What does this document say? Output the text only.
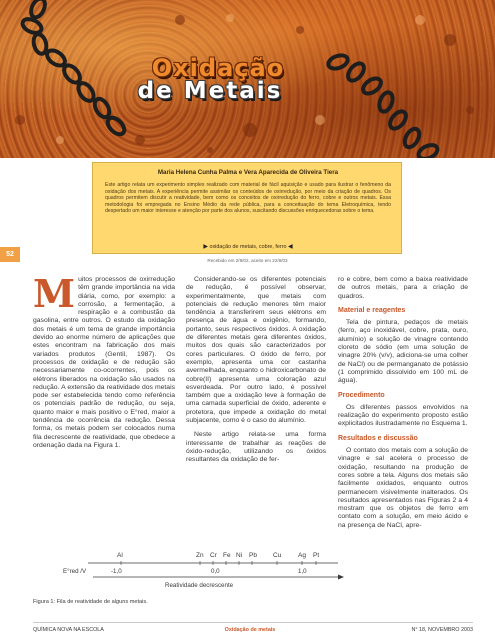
Oxidação
de Metais
Maria Helena Cunha Palma e Vera Aparecida de Oliveira Tiera
Este artigo relata um experimento simples realizado com material de fácil aquisição e usado para ilustrar o fenômeno da oxidação dos metais. A experiência permite assimilar os conteúdos de oxirredução, por meio da criação de quadros. Os quadros permitem discutir a reatividade, bem como os conceitos de oxirredução do ferro, cobre e outros metais. Essa metodologia foi empregada no Ensino Médio da rede pública, para a conceituação do tema Eletroquímica, tendo despertado um maior interesse e atenção por parte dos alunos, suscitando discussões enriquecedoras sobre o tema.
▶ oxidação de metais, cobre, ferro ◀
Recebido em 2/8/02, aceito em 22/8/03
52

M uitos processos de oxirredução têm grande importância na vida diária, como, por exemplo: a corrosão, a fermentação, a respiração e a combustão da gasolina, entre outros. O estudo da oxidação dos metais é um tema de grande importância devido ao enorme número de aplicações que estes encontram na fabricação dos mais variados produtos (Gentil, 1987). Os processos de oxidação e de redução são necessariamente co-ocorrentes, pois os elétrons liberados na oxidação são usados na redução. A extensão da reatividade dos metais pode ser estabelecida tendo como referência os potenciais padrão de redução, ou seja, quanto maior e mais positivo o E°red, maior a tendência de ocorrência da redução. Dessa forma, os metais podem ser colocados numa fila decrescente de reatividade, que obedece a ordenação dada na Figura 1.

Considerando-se os diferentes potenciais de redução, é possível observar, experimentalmente, que metais com potenciais de redução menores têm maior tendência a transferirem seus elétrons em presença de água e oxigênio, formando, portanto, seus respectivos óxidos. A oxidação de diferentes metais gera diferentes óxidos, muitos dos quais são caracterizados por cores particulares. O óxido de ferro, por exemplo, apresenta uma cor castanha avermelhada, enquanto o hidroxicarbonato de cobre(II) apresenta uma coloração azul esverdeada. Por outro lado, é possível também que a oxidação leve à formação de uma camada superficial de óxido, aderente e protetora, que impede a oxidação do metal subjacente, como é o caso do alumínio.

Neste artigo relata-se uma forma interessante de trabalhar as reações de óxido-redução, utilizando os óxidos resultantes da oxidação de fer-

ro e cobre, bem como a baixa reatividade de outros metais, para a criação de quadros.

Material e reagentes

Tela de pintura, pedaços de metais (ferro, aço inoxidável, cobre, prata, ouro, alumínio) e solução de vinagre contendo cloreto de sódio (em uma solução de vinagre 20% (v/v), adicionа-se uma colher de NaCl) ou de permanganato de potássio (1 comprimido dissolvido em 100 mL de água).

Procedimento

Os diferentes passos envolvidos na realização do experimento proposto estão explicitados ilustradamente no Esquema 1.

Resultados e discussão

O contato dos metais com a solução de vinagre e sal acelera o processo de oxidação, resultando na produção de cores sobre a tela. Alguns dos metais são facilmente oxidados, enquanto outros permanecem visivelmente inalterados. Os resultados apresentados nas Figuras 2 a 4 mostram que os objetos de ferro em contato com a solução, em meio ácido e na presença de NaCl, apre-

Al	Zn Cr Fe Ni Pb Cu	Ag Pt
E°red /V	-1,0	0,0	1,0
Reatividade decrescente
Figura 1: Fila de reatividade de alguns metais.
QUÍMICA NOVA NA ESCOLA	Oxidação de metais	N° 18, NOVEMBRO 2003
